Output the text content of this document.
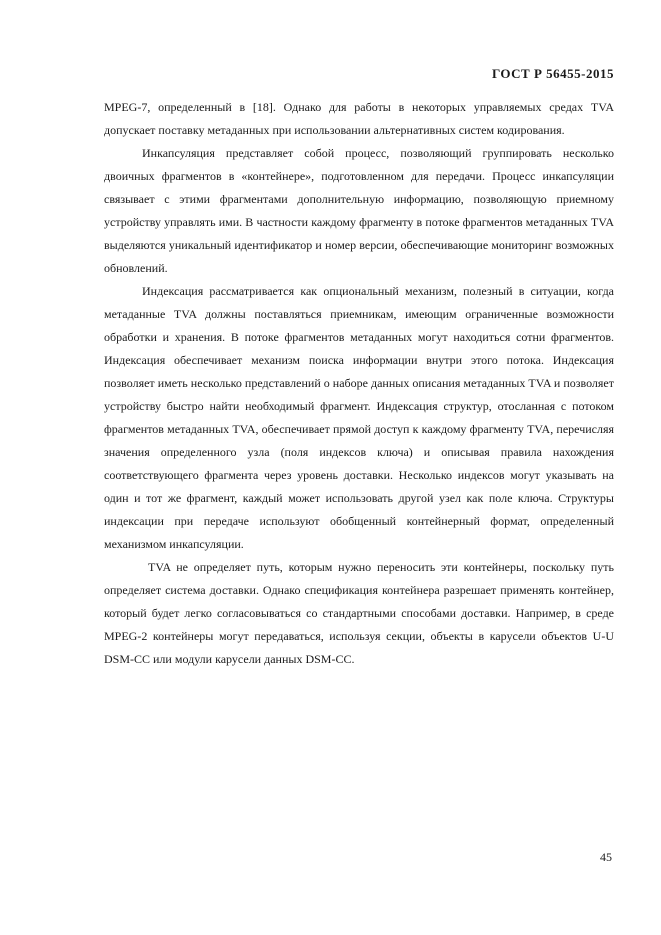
ГОСТ Р 56455-2015

MPEG-7, определенный в [18]. Однако для работы в некоторых управляемых средах TVA допускает поставку метаданных при использовании альтернативных систем кодирования.

Инкапсуляция представляет собой процесс, позволяющий группировать несколько двоичных фрагментов в «контейнере», подготовленном для передачи. Процесс инкапсуляции связывает с этими фрагментами дополнительную информацию, позволяющую приемному устройству управлять ими. В частности каждому фрагменту в потоке фрагментов метаданных TVA выделяются уникальный идентификатор и номер версии, обеспечивающие мониторинг возможных обновлений.

Индексация рассматривается как опциональный механизм, полезный в ситуации, когда метаданные TVA должны поставляться приемникам, имеющим ограниченные возможности обработки и хранения. В потоке фрагментов метаданных могут находиться сотни фрагментов. Индексация обеспечивает механизм поиска информации внутри этого потока. Индексация позволяет иметь несколько представлений о наборе данных описания метаданных TVA и позволяет устройству быстро найти необходимый фрагмент. Индексация структур, отосланная с потоком фрагментов метаданных TVA, обеспечивает прямой доступ к каждому фрагменту TVA, перечисляя значения определенного узла (поля индексов ключа) и описывая правила нахождения соответствующего фрагмента через уровень доставки. Несколько индексов могут указывать на один и тот же фрагмент, каждый может использовать другой узел как поле ключа. Структуры индексации при передаче используют обобщенный контейнерный формат, определенный механизмом инкапсуляции.

TVA не определяет путь, которым нужно переносить эти контейнеры, поскольку путь определяет система доставки. Однако спецификация контейнера разрешает применять контейнер, который будет легко согласовываться со стандартными способами доставки. Например, в среде MPEG-2 контейнеры могут передаваться, используя секции, объекты в карусели объектов U-U DSM-CC или модули карусели данных DSM-CC.

45
